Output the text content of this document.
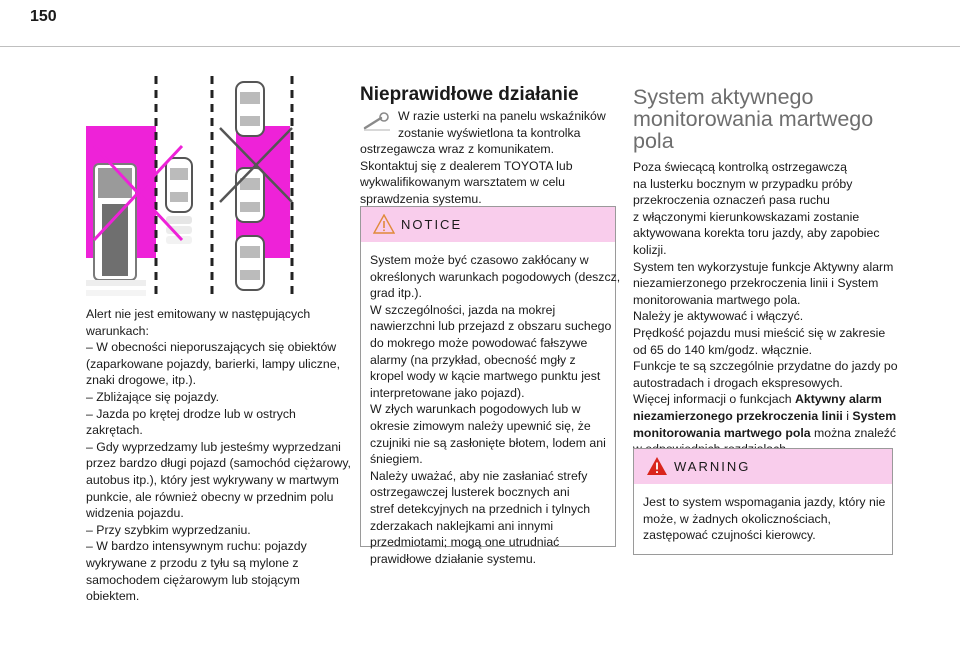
150
Alert nie jest emitowany w następujących
warunkach:
– W obecności nieporuszających się obiektów
(zaparkowane pojazdy, barierki, lampy uliczne,
znaki drogowe, itp.).
– Zbliżające się pojazdy.
– Jazda po krętej drodze lub w ostrych
zakrętach.
– Gdy wyprzedzamy lub jesteśmy wyprzedzani
przez bardzo długi pojazd (samochód ciężarowy,
autobus itp.), który jest wykrywany w martwym
punkcie, ale również obecny w przednim polu
widzenia pojazdu.
– Przy szybkim wyprzedzaniu.
– W bardzo intensywnym ruchu: pojazdy
wykrywane z przodu z tyłu są mylone z
samochodem ciężarowym lub stojącym
obiektem.
Nieprawidłowe działanie
W razie usterki na panelu wskaźników
zostanie wyświetlona ta kontrolka
ostrzegawcza wraz z komunikatem.
Skontaktuj się z dealerem TOYOTA lub
wykwalifikowanym warsztatem w celu
sprawdzenia systemu.
NOTICE
System może być czasowo zakłócany w
określonych warunkach pogodowych (deszcz,
grad itp.).
W szczególności, jazda na mokrej
nawierzchni lub przejazd z obszaru suchego
do mokrego może powodować fałszywe
alarmy (na przykład, obecność mgły z
kropel wody w kącie martwego punktu jest
interpretowane jako pojazd).
W złych warunkach pogodowych lub w
okresie zimowym należy upewnić się, że
czujniki nie są zasłonięte błotem, lodem ani
śniegiem.
Należy uważać, aby nie zasłaniać strefy
ostrzegawczej lusterek bocznych ani
stref detekcyjnych na przednich i tylnych
zderzakach naklejkami ani innymi
przedmiotami; mogą one utrudniać
prawidłowe działanie systemu.
System aktywnego
monitorowania martwego
pola
Poza świecącą kontrolką ostrzegawczą
na lusterku bocznym w przypadku próby
przekroczenia oznaczeń pasa ruchu
z włączonymi kierunkowskazami zostanie
aktywowana korekta toru jazdy, aby zapobiec
kolizji.
System ten wykorzystuje funkcje Aktywny alarm
niezamierzonego przekroczenia linii i System
monitorowania martwego pola.
Należy je aktywować i włączyć.
Prędkość pojazdu musi mieścić się w zakresie
od 65 do 140 km/godz. włącznie.
Funkcje te są szczególnie przydatne do jazdy po
autostradach i drogach ekspresowych.
Więcej informacji o funkcjach Aktywny alarm
niezamierzonego przekroczenia linii i System
monitorowania martwego pola można znaleźć
WARNING
Jest to system wspomagania jazdy, który nie
może, w żadnych okolicznościach,
zastępować czujności kierowcy.
